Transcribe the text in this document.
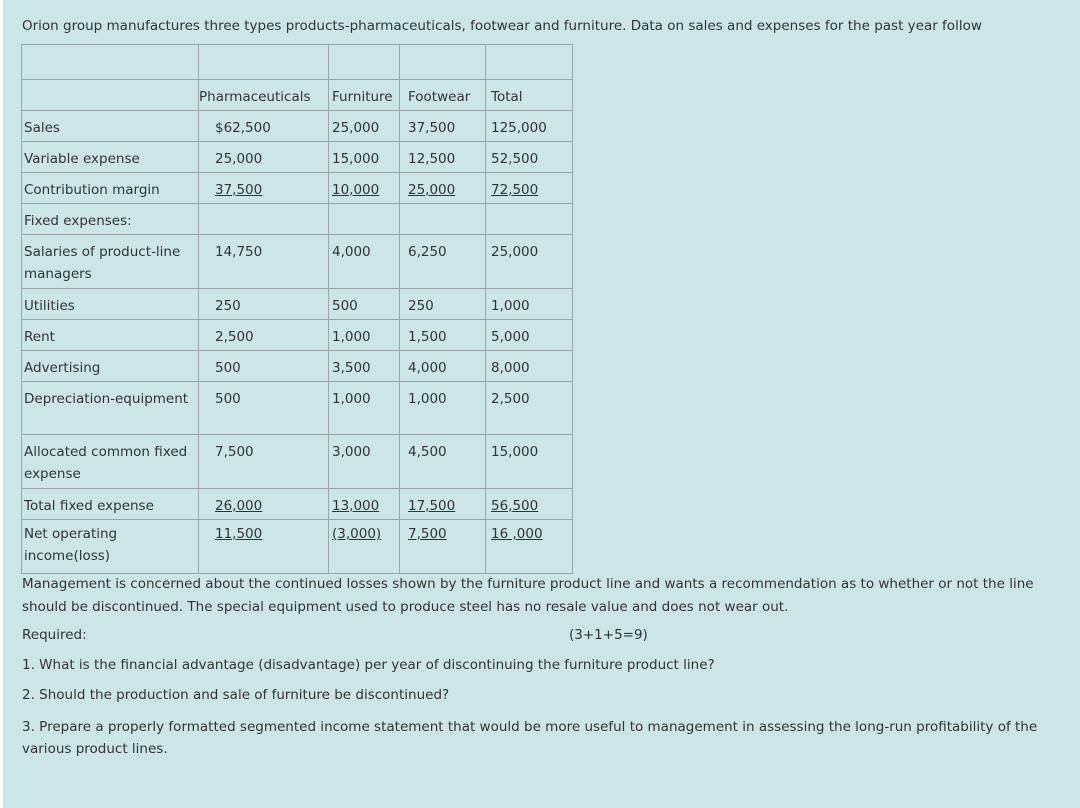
Orion group manufactures three types products-pharmaceuticals, footwear and furniture. Data on sales and expenses for the past year follow

	Pharmaceuticals	Furniture	Footwear	Total

Sales	$62,500	25,000	37,500	125,000

Variable expense	25,000	15,000	12,500	52,500

Contribution margin	37,500	10,000	25,000	72,500

Fixed expenses:				

Salaries of product-line managers	14,750	4,000	6,250	25,000

Utilities	250	500	250	1,000

Rent	2,500	1,000	1,500	5,000

Advertising	500	3,500	4,000	8,000

Depreciation-equipment	500	1,000	1,000	2,500

Allocated common fixed expense	7,500	3,000	4,500	15,000

Total fixed expense	26,000	13,000	17,500	56,500

Net operating income(loss)	11,500	(3,000)	7,500	16 ,000
Management is concerned about the continued losses shown by the furniture product line and wants a recommendation as to whether or not the line should be discontinued. The special equipment used to produce steel has no resale value and does not wear out.
Required:	(3+1+5=9)
1. What is the financial advantage (disadvantage) per year of discontinuing the furniture product line?
2. Should the production and sale of furniture be discontinued?
3. Prepare a properly formatted segmented income statement that would be more useful to management in assessing the long-run profitability of the various product lines.
